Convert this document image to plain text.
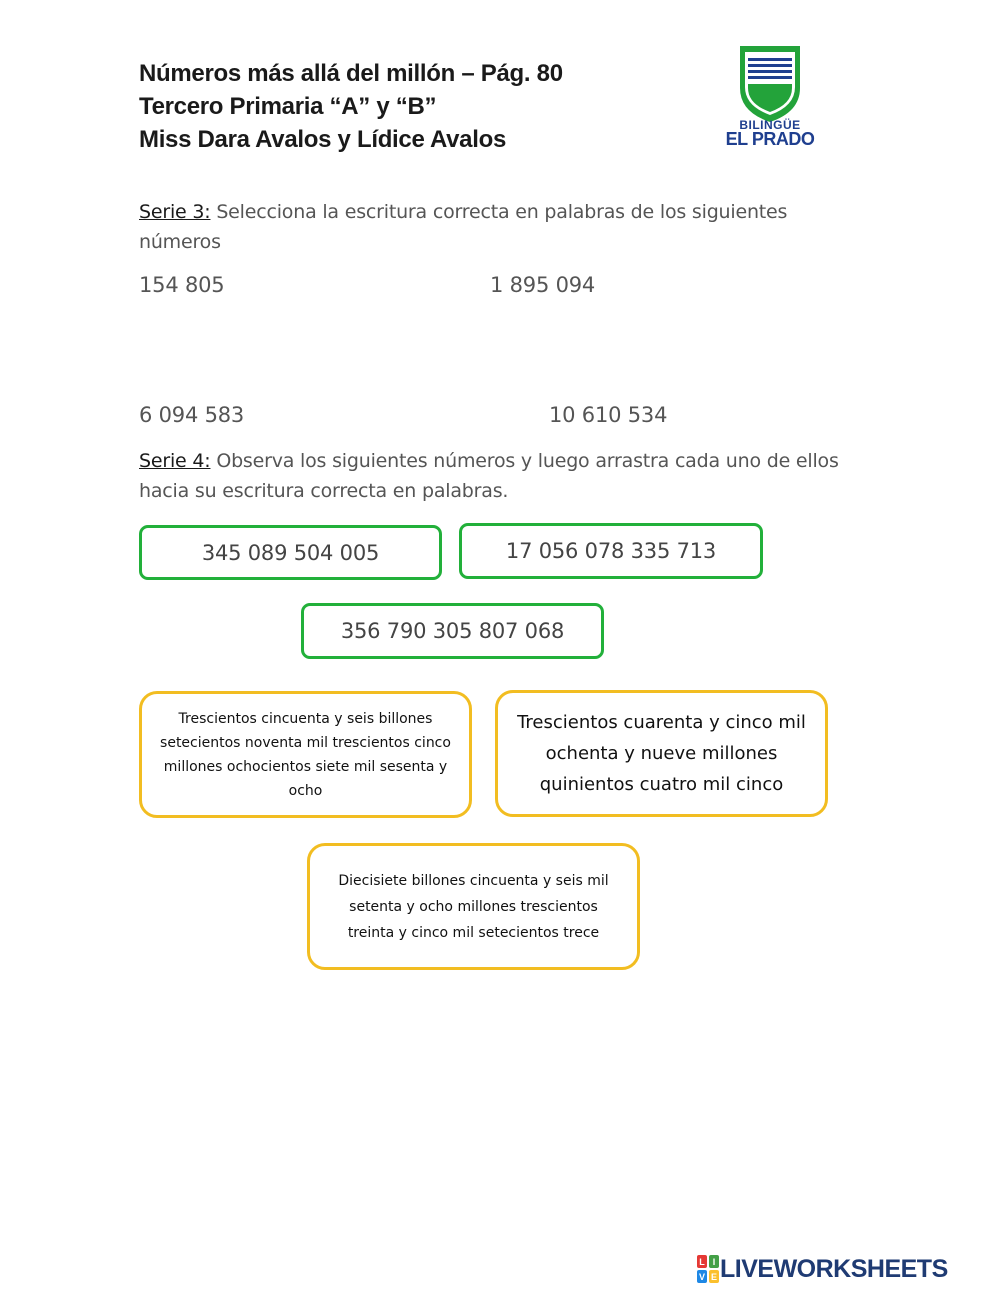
Números más allá del millón – Pág. 80
Tercero Primaria “A” y “B”
Miss Dara Avalos y Lídice Avalos
BILINGÜE
EL PRADO
Serie 3: Selecciona la escritura correcta en palabras de los siguientes números
154 805	1 895 094
6 094 583	10 610 534
Serie 4: Observa los siguientes números y luego arrastra cada uno de ellos hacia su escritura correcta en palabras.
345 089 504 005	17 056 078 335 713
356 790 305 807 068
Trescientos cincuenta y seis billones setecientos noventa mil trescientos cinco millones ochocientos siete mil sesenta y ocho
Trescientos cuarenta y cinco mil ochenta y nueve millones quinientos cuatro mil cinco
Diecisiete billones cincuenta y seis mil setenta y ocho millones trescientos treinta y cinco mil setecientos trece
L I
V E LIVEWORKSHEETS
